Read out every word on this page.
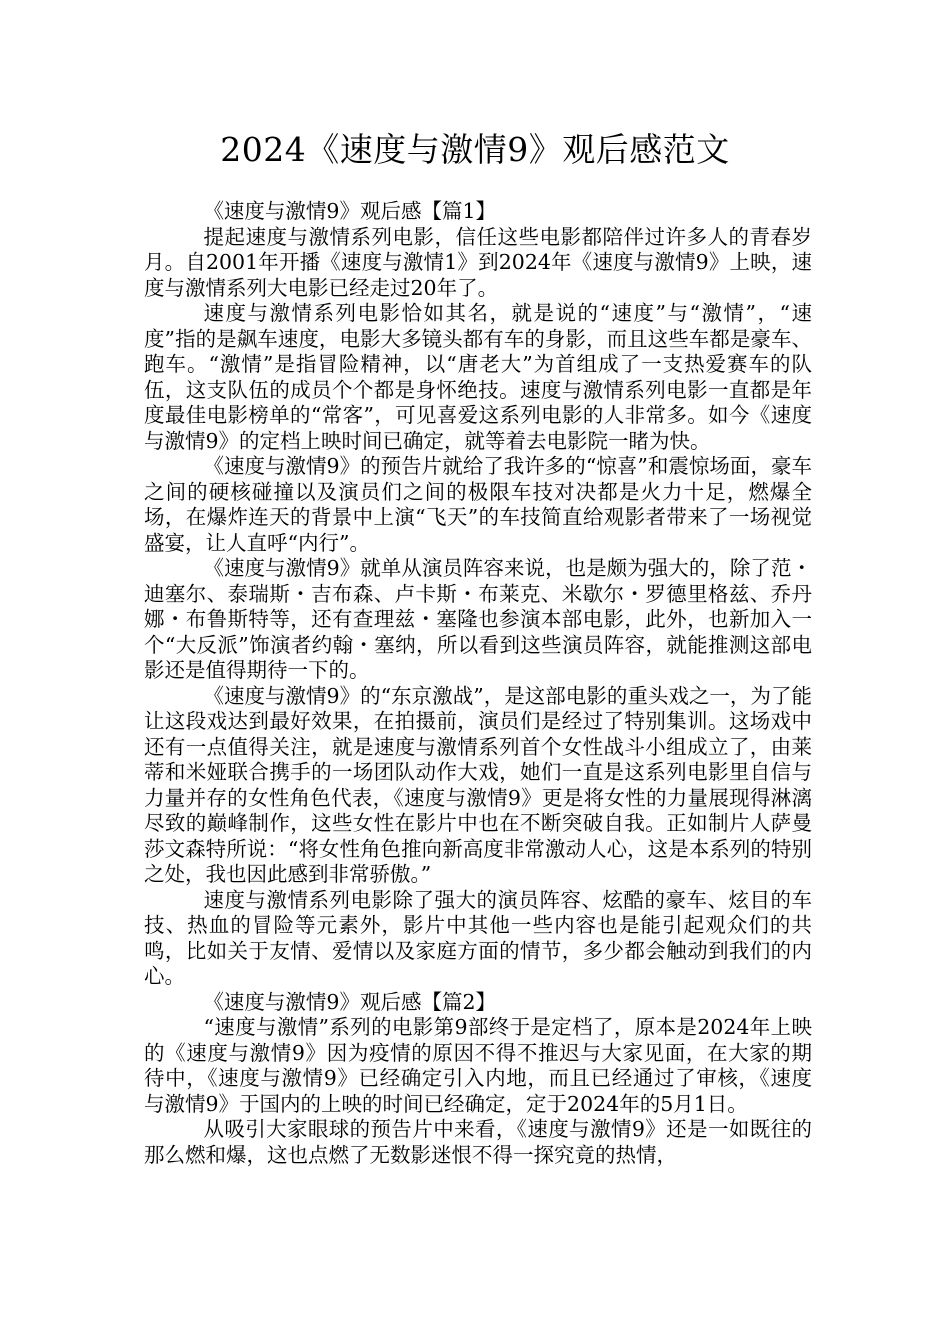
2024《速度与激情9》观后感范文

《速度与激情9》观后感【篇1】

提起速度与激情系列电影，信任这些电影都陪伴过许多人的青春岁月。自2001年开播《速度与激情1》到2024年《速度与激情9》上映，速度与激情系列大电影已经走过20年了。

速度与激情系列电影恰如其名，就是说的“速度”与“激情”，“速度”指的是飙车速度，电影大多镜头都有车的身影，而且这些车都是豪车、跑车。“激情”是指冒险精神，以“唐老大”为首组成了一支热爱赛车的队伍，这支队伍的成员个个都是身怀绝技。速度与激情系列电影一直都是年度最佳电影榜单的“常客”，可见喜爱这系列电影的人非常多。如今《速度与激情9》的定档上映时间已确定，就等着去电影院一睹为快。

《速度与激情9》的预告片就给了我许多的“惊喜”和震惊场面，豪车之间的硬核碰撞以及演员们之间的极限车技对决都是火力十足，燃爆全场，在爆炸连天的背景中上演“飞天”的车技简直给观影者带来了一场视觉盛宴，让人直呼“内行”。

《速度与激情9》就单从演员阵容来说，也是颇为强大的，除了范・迪塞尔、泰瑞斯・吉布森、卢卡斯・布莱克、米歇尔・罗德里格兹、乔丹娜・布鲁斯特等，还有查理兹・塞隆也参演本部电影，此外，也新加入一个“大反派”饰演者约翰・塞纳，所以看到这些演员阵容，就能推测这部电影还是值得期待一下的。

《速度与激情9》的“东京激战”，是这部电影的重头戏之一，为了能让这段戏达到最好效果，在拍摄前，演员们是经过了特别集训。这场戏中还有一点值得关注，就是速度与激情系列首个女性战斗小组成立了，由莱蒂和米娅联合携手的一场团队动作大戏，她们一直是这系列电影里自信与力量并存的女性角色代表，《速度与激情9》更是将女性的力量展现得淋漓尽致的巅峰制作，这些女性在影片中也在不断突破自我。正如制片人萨曼莎文森特所说：“将女性角色推向新高度非常激动人心，这是本系列的特别之处，我也因此感到非常骄傲。”

速度与激情系列电影除了强大的演员阵容、炫酷的豪车、炫目的车技、热血的冒险等元素外，影片中其他一些内容也是能引起观众们的共鸣，比如关于友情、爱情以及家庭方面的情节，多少都会触动到我们的内心。

《速度与激情9》观后感【篇2】

“速度与激情”系列的电影第9部终于是定档了，原本是2024年上映的《速度与激情9》因为疫情的原因不得不推迟与大家见面，在大家的期待中，《速度与激情9》已经确定引入内地，而且已经通过了审核，《速度与激情9》于国内的上映的时间已经确定，定于2024年的5月1日。

从吸引大家眼球的预告片中来看，《速度与激情9》还是一如既往的那么燃和爆，这也点燃了无数影迷恨不得一探究竟的热情，
